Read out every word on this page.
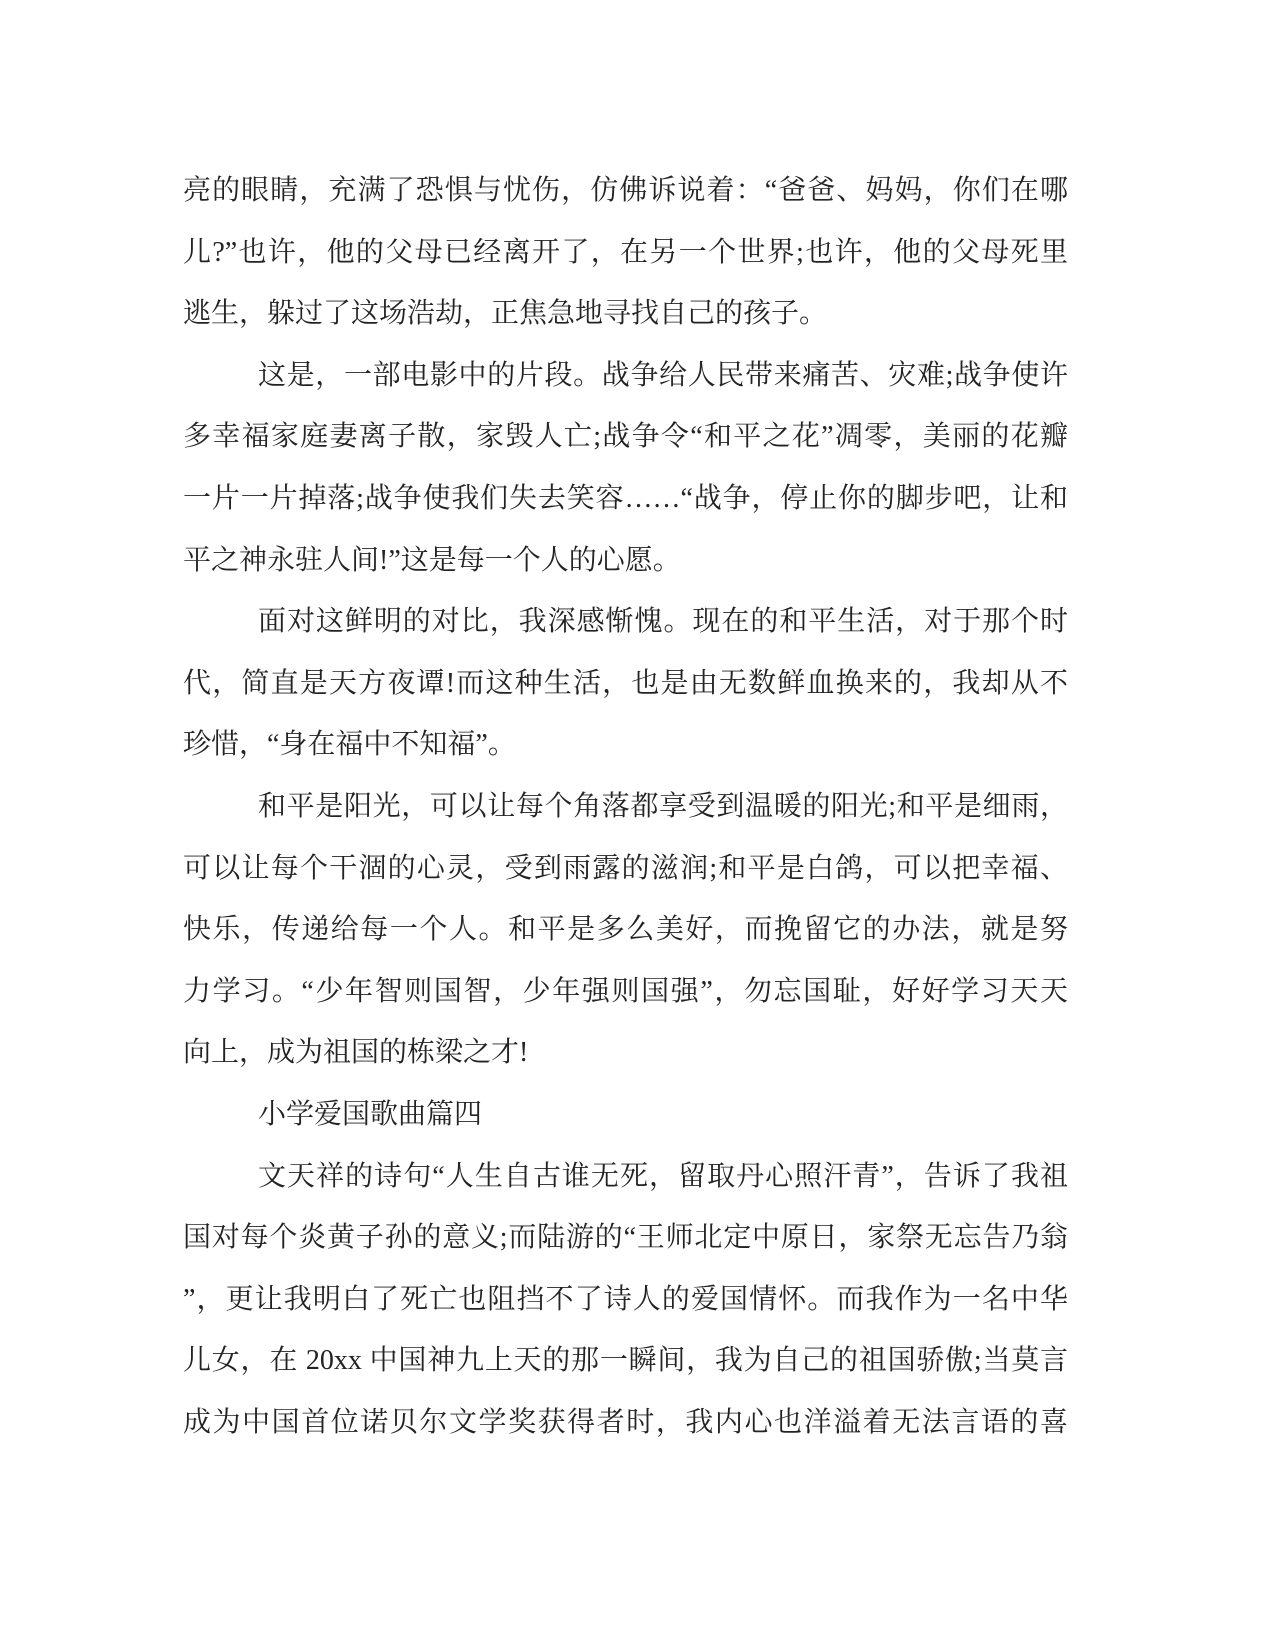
亮的眼睛，充满了恐惧与忧伤，仿佛诉说着：“爸爸、妈妈，你们在哪
儿?”也许，他的父母已经离开了，在另一个世界;也许，他的父母死里
逃生，躲过了这场浩劫，正焦急地寻找自己的孩子。
这是，一部电影中的片段。战争给人民带来痛苦、灾难;战争使许
多幸福家庭妻离子散，家毁人亡;战争令“和平之花”凋零，美丽的花瓣
一片一片掉落;战争使我们失去笑容……“战争，停止你的脚步吧，让和
平之神永驻人间!”这是每一个人的心愿。
面对这鲜明的对比，我深感惭愧。现在的和平生活，对于那个时
代，简直是天方夜谭!而这种生活，也是由无数鲜血换来的，我却从不
珍惜，“身在福中不知福”。
和平是阳光，可以让每个角落都享受到温暖的阳光;和平是细雨，
可以让每个干涸的心灵，受到雨露的滋润;和平是白鸽，可以把幸福、
快乐，传递给每一个人。和平是多么美好，而挽留它的办法，就是努
力学习。“少年智则国智，少年强则国强”，勿忘国耻，好好学习天天
向上，成为祖国的栋梁之才!
小学爱国歌曲篇四
文天祥的诗句“人生自古谁无死，留取丹心照汗青”，告诉了我祖
国对每个炎黄子孙的意义;而陆游的“王师北定中原日，家祭无忘告乃翁
”，更让我明白了死亡也阻挡不了诗人的爱国情怀。而我作为一名中华
儿女，在 20xx 中国神九上天的那一瞬间，我为自己的祖国骄傲;当莫言
成为中国首位诺贝尔文学奖获得者时，我内心也洋溢着无法言语的喜
